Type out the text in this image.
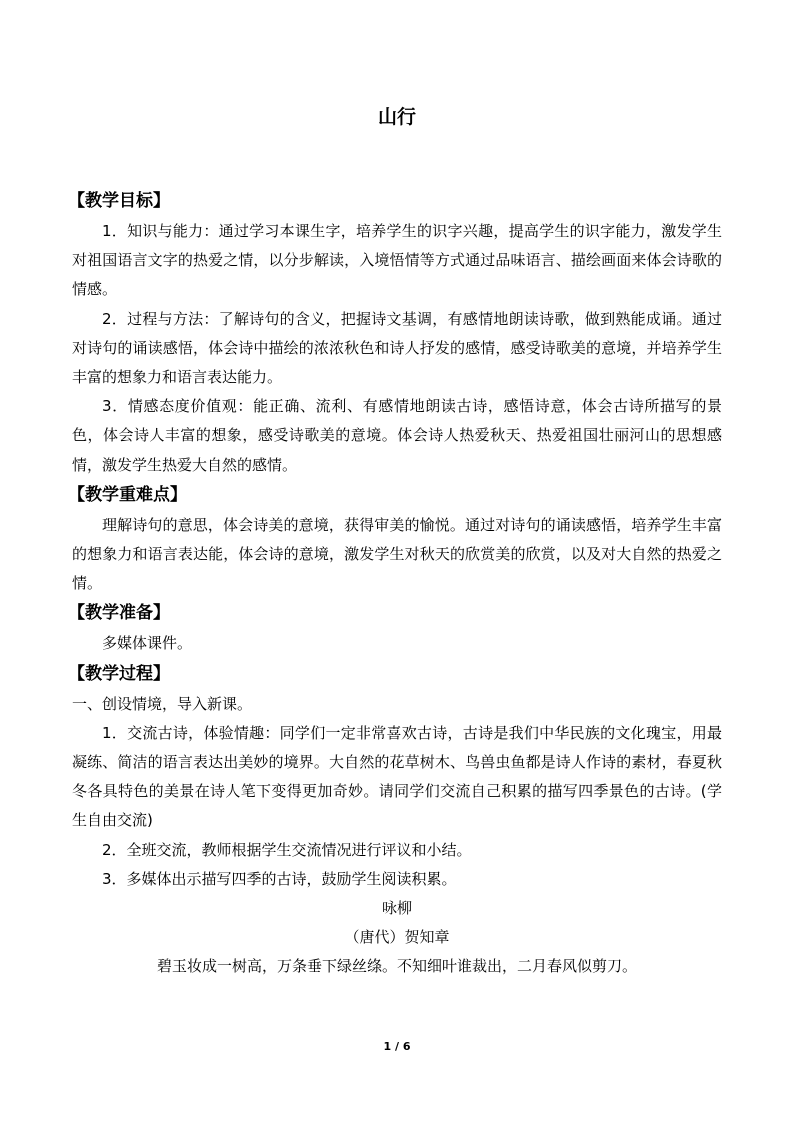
山行
【教学目标】

1．知识与能力：通过学习本课生字，培养学生的识字兴趣，提高学生的识字能力，激发学生对祖国语言文字的热爱之情，以分步解读，入境悟情等方式通过品味语言、描绘画面来体会诗歌的情感。

2．过程与方法：了解诗句的含义，把握诗文基调，有感情地朗读诗歌，做到熟能成诵。通过对诗句的诵读感悟，体会诗中描绘的浓浓秋色和诗人抒发的感情，感受诗歌美的意境，并培养学生丰富的想象力和语言表达能力。

3．情感态度价值观：能正确、流利、有感情地朗读古诗，感悟诗意，体会古诗所描写的景色，体会诗人丰富的想象，感受诗歌美的意境。体会诗人热爱秋天、热爱祖国壮丽河山的思想感情，激发学生热爱大自然的感情。

【教学重难点】

理解诗句的意思，体会诗美的意境，获得审美的愉悦。通过对诗句的诵读感悟，培养学生丰富的想象力和语言表达能，体会诗的意境，激发学生对秋天的欣赏美的欣赏，以及对大自然的热爱之情。

【教学准备】

多媒体课件。

【教学过程】

一、创设情境，导入新课。

1．交流古诗，体验情趣：同学们一定非常喜欢古诗，古诗是我们中华民族的文化瑰宝，用最凝练、简洁的语言表达出美妙的境界。大自然的花草树木、鸟兽虫鱼都是诗人作诗的素材，春夏秋冬各具特色的美景在诗人笔下变得更加奇妙。请同学们交流自己积累的描写四季景色的古诗。(学生自由交流)

2．全班交流，教师根据学生交流情况进行评议和小结。

3．多媒体出示描写四季的古诗，鼓励学生阅读积累。

咏柳

（唐代）贺知章

碧玉妆成一树高，万条垂下绿丝绦。不知细叶谁裁出，二月春风似剪刀。

1 / 6
